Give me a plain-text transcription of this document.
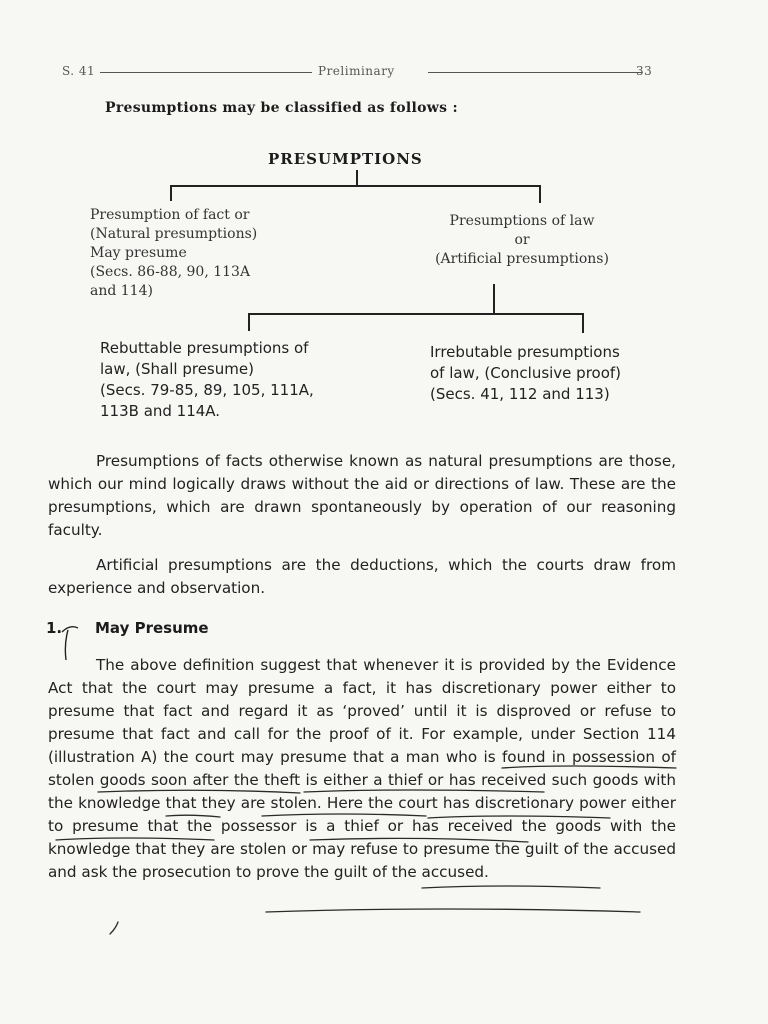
S. 41	Preliminary	33
Presumptions may be classified as follows :
PRESUMPTIONS
Presumption of fact or
(Natural presumptions)
May presume
(Secs. 86-88, 90, 113A
and 114)
Presumptions of law
or
(Artificial presumptions)
Rebuttable presumptions of
law, (Shall presume)
(Secs. 79-85, 89, 105, 111A,
113B and 114A.
Irrebutable presumptions
of law, (Conclusive proof)
(Secs. 41, 112 and 113)
Presumptions of facts otherwise known as natural presumptions are those, which our mind logically draws without the aid or directions of law. These are the presumptions, which are drawn spontaneously by operation of our reasoning faculty.
Artificial presumptions are the deductions, which the courts draw from experience and observation.
1. May Presume
The above definition suggest that whenever it is provided by the Evidence Act that the court may presume a fact, it has discretionary power either to presume that fact and regard it as ‘proved’ until it is disproved or refuse to presume that fact and call for the proof of it. For example, under Section 114 (illustration A) the court may presume that a man who is found in possession of stolen goods soon after the theft is either a thief or has received such goods with the knowledge that they are stolen. Here the court has discretionary power either to presume that the possessor is a thief or has received the goods with the knowledge that they are stolen or may refuse to presume the guilt of the accused and ask the prosecution to prove the guilt of the accused.
